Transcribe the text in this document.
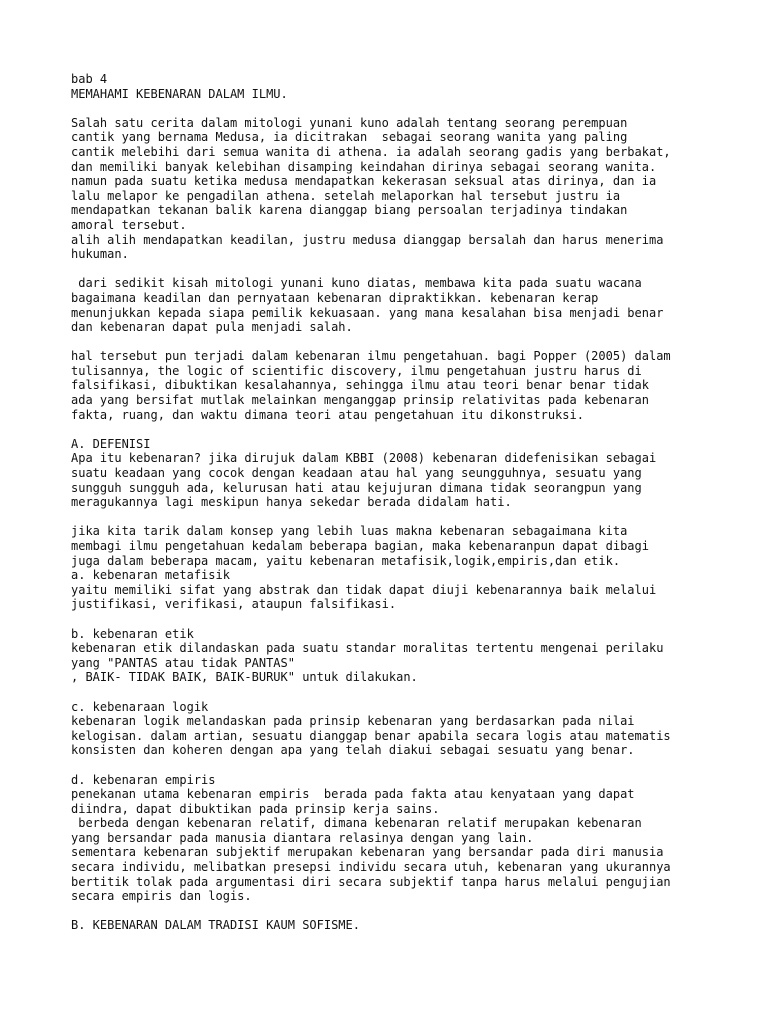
bab 4
MEMAHAMI KEBENARAN DALAM ILMU.
Salah satu cerita dalam mitologi yunani kuno adalah tentang seorang perempuan
cantik yang bernama Medusa, ia dicitrakan  sebagai seorang wanita yang paling
cantik melebihi dari semua wanita di athena. ia adalah seorang gadis yang berbakat,
dan memiliki banyak kelebihan disamping keindahan dirinya sebagai seorang wanita.
namun pada suatu ketika medusa mendapatkan kekerasan seksual atas dirinya, dan ia
lalu melapor ke pengadilan athena. setelah melaporkan hal tersebut justru ia
mendapatkan tekanan balik karena dianggap biang persoalan terjadinya tindakan
amoral tersebut.
alih alih mendapatkan keadilan, justru medusa dianggap bersalah dan harus menerima
hukuman.
dari sedikit kisah mitologi yunani kuno diatas, membawa kita pada suatu wacana
bagaimana keadilan dan pernyataan kebenaran dipraktikkan. kebenaran kerap
menunjukkan kepada siapa pemilik kekuasaan. yang mana kesalahan bisa menjadi benar
dan kebenaran dapat pula menjadi salah.
hal tersebut pun terjadi dalam kebenaran ilmu pengetahuan. bagi Popper (2005) dalam
tulisannya, the logic of scientific discovery, ilmu pengetahuan justru harus di
falsifikasi, dibuktikan kesalahannya, sehingga ilmu atau teori benar benar tidak
ada yang bersifat mutlak melainkan menganggap prinsip relativitas pada kebenaran
fakta, ruang, dan waktu dimana teori atau pengetahuan itu dikonstruksi.
A. DEFENISI
Apa itu kebenaran? jika dirujuk dalam KBBI (2008) kebenaran didefenisikan sebagai
suatu keadaan yang cocok dengan keadaan atau hal yang seungguhnya, sesuatu yang
sungguh sungguh ada, kelurusan hati atau kejujuran dimana tidak seorangpun yang
meragukannya lagi meskipun hanya sekedar berada didalam hati.
jika kita tarik dalam konsep yang lebih luas makna kebenaran sebagaimana kita
membagi ilmu pengetahuan kedalam beberapa bagian, maka kebenaranpun dapat dibagi
juga dalam beberapa macam, yaitu kebenaran metafisik,logik,empiris,dan etik.
a. kebenaran metafisik
yaitu memiliki sifat yang abstrak dan tidak dapat diuji kebenarannya baik melalui
justifikasi, verifikasi, ataupun falsifikasi.
b. kebenaran etik
kebenaran etik dilandaskan pada suatu standar moralitas tertentu mengenai perilaku
yang "PANTAS atau tidak PANTAS"
, BAIK- TIDAK BAIK, BAIK-BURUK" untuk dilakukan.
c. kebenaraan logik
kebenaran logik melandaskan pada prinsip kebenaran yang berdasarkan pada nilai
kelogisan. dalam artian, sesuatu dianggap benar apabila secara logis atau matematis
konsisten dan koheren dengan apa yang telah diakui sebagai sesuatu yang benar.
d. kebenaran empiris
penekanan utama kebenaran empiris  berada pada fakta atau kenyataan yang dapat
diindra, dapat dibuktikan pada prinsip kerja sains.
berbeda dengan kebenaran relatif, dimana kebenaran relatif merupakan kebenaran
yang bersandar pada manusia diantara relasinya dengan yang lain.
sementara kebenaran subjektif merupakan kebenaran yang bersandar pada diri manusia
secara individu, melibatkan presepsi individu secara utuh, kebenaran yang ukurannya
bertitik tolak pada argumentasi diri secara subjektif tanpa harus melalui pengujian
secara empiris dan logis.
B. KEBENARAN DALAM TRADISI KAUM SOFISME.
